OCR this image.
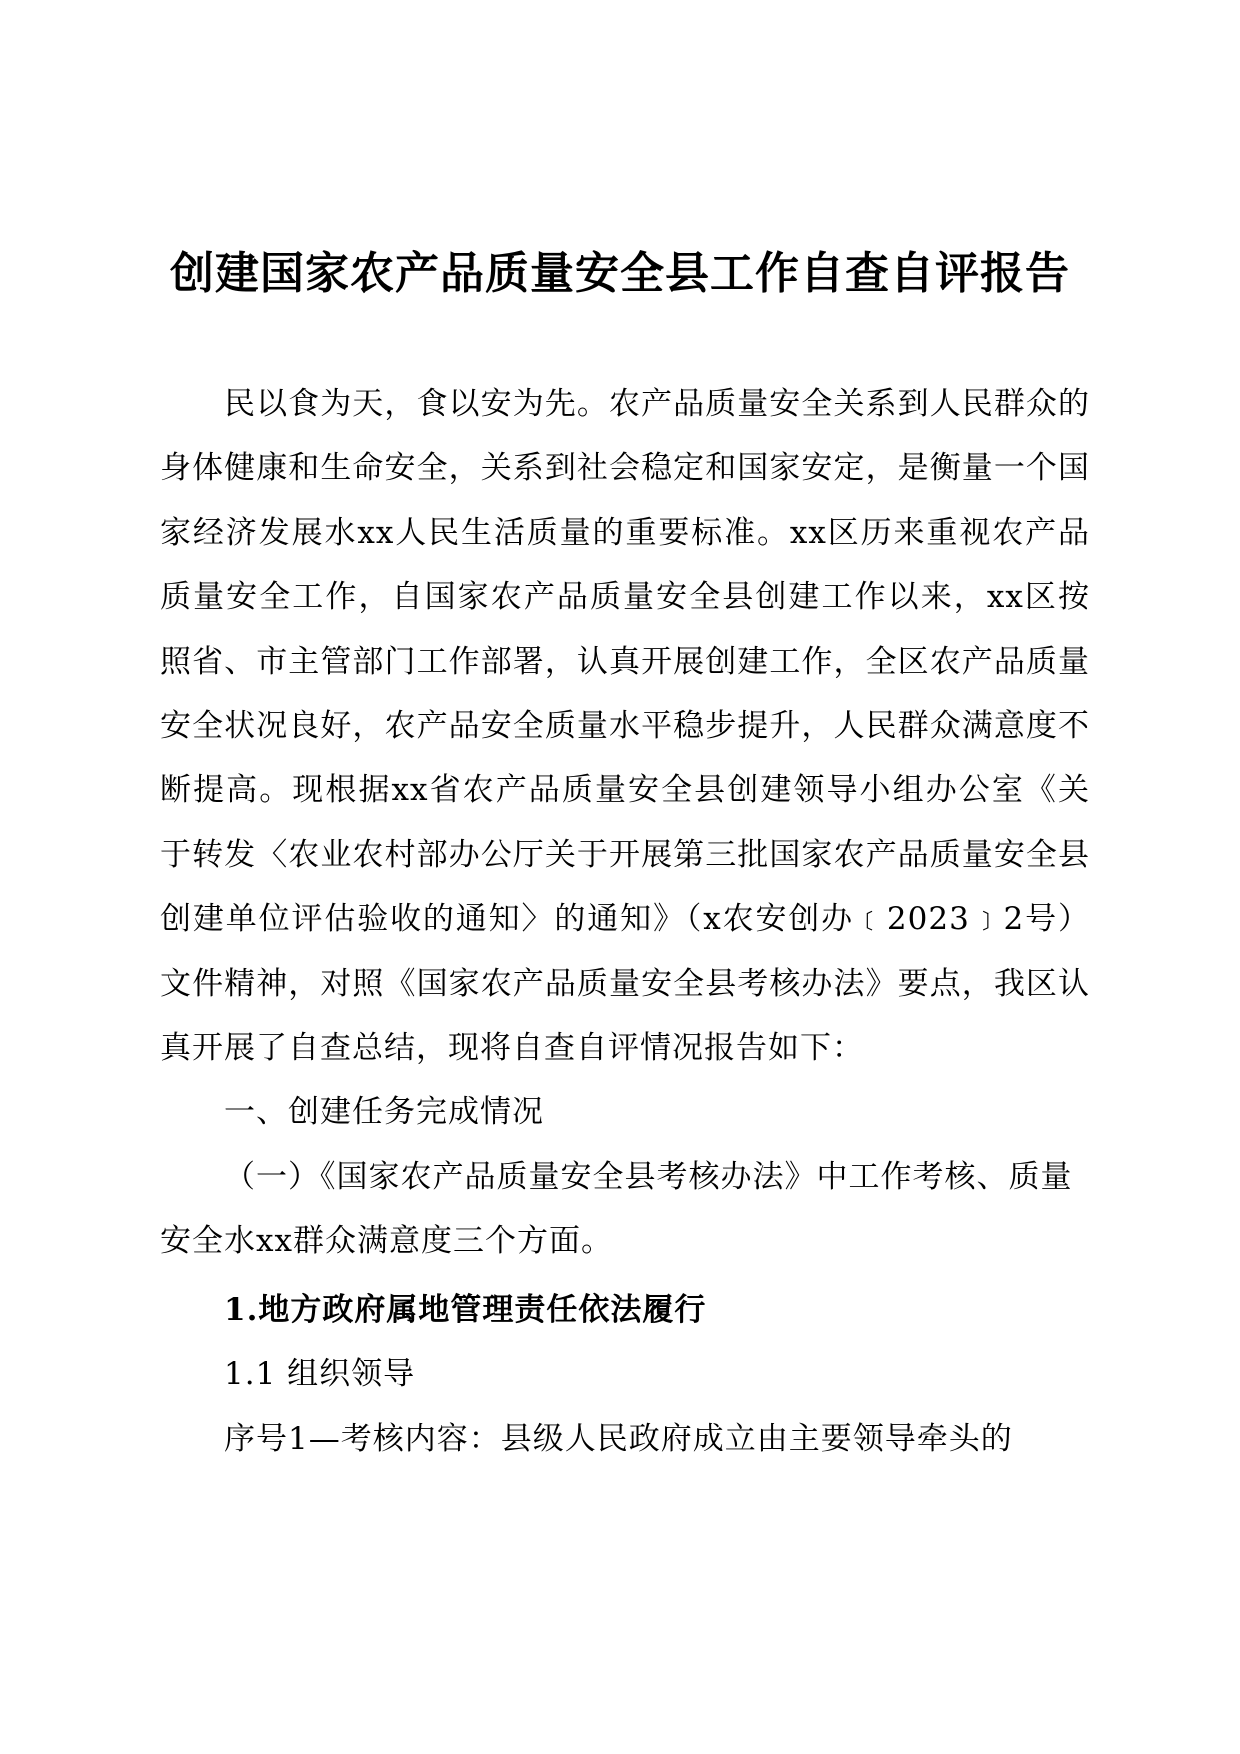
创建国家农产品质量安全县工作自查自评报告

民以食为天，食以安为先。农产品质量安全关系到人民群众的身体健康和生命安全，关系到社会稳定和国家安定，是衡量一个国家经济发展水xx人民生活质量的重要标准。xx区历来重视农产品质量安全工作，自国家农产品质量安全县创建工作以来，xx区按照省、市主管部门工作部署，认真开展创建工作，全区农产品质量安全状况良好，农产品安全质量水平稳步提升，人民群众满意度不断提高。现根据xx省农产品质量安全县创建领导小组办公室《关于转发〈农业农村部办公厅关于开展第三批国家农产品质量安全县创建单位评估验收的通知〉的通知》（x农安创办﹝2023﹞2号）文件精神，对照《国家农产品质量安全县考核办法》要点，我区认真开展了自查总结，现将自查自评情况报告如下：

一、创建任务完成情况

（一）《国家农产品质量安全县考核办法》中工作考核、质量安全水xx群众满意度三个方面。

1.地方政府属地管理责任依法履行

1.1 组织领导

序号1—考核内容：县级人民政府成立由主要领导牵头的
